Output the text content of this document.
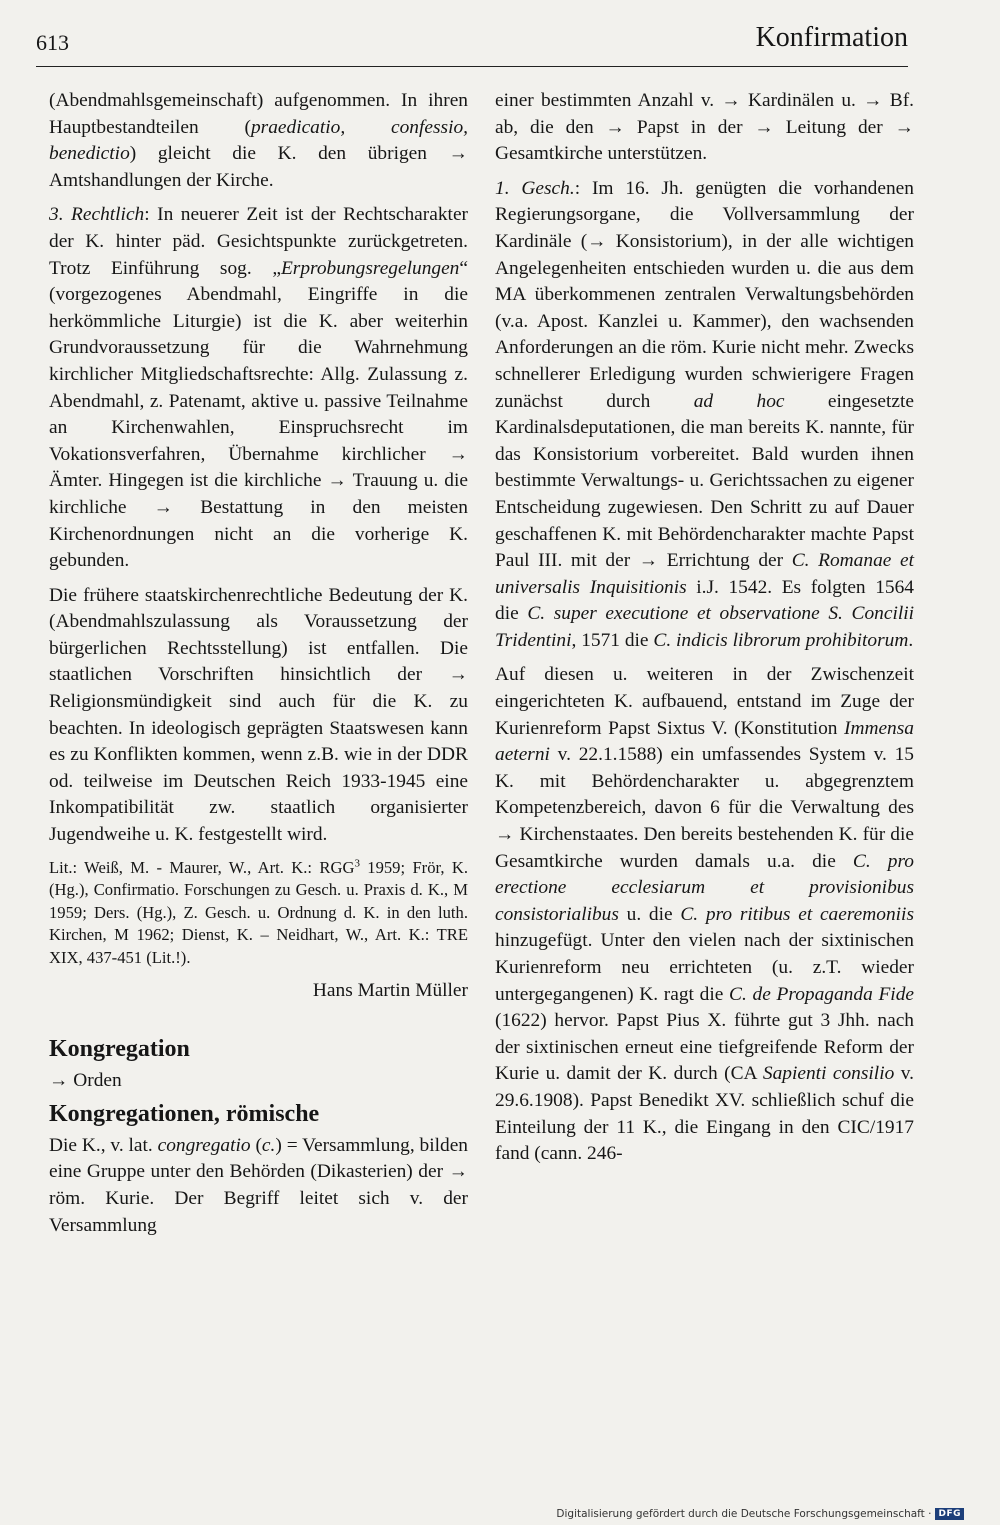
613	Konfirmation

(Abendmahlsgemeinschaft) aufgenommen. In ihren Hauptbestandteilen (praedicatio, confessio, benedictio) gleicht die K. den übrigen → Amtshandlungen der Kirche.

3. Rechtlich: In neuerer Zeit ist der Rechtscharakter der K. hinter päd. Gesichtspunkte zurückgetreten. Trotz Einführung sog. „Erprobungsregelungen“ (vorgezogenes Abendmahl, Eingriffe in die herkömmliche Liturgie) ist die K. aber weiterhin Grundvoraussetzung für die Wahrnehmung kirchlicher Mitgliedschaftsrechte: Allg. Zulassung z. Abendmahl, z. Patenamt, aktive u. passive Teilnahme an Kirchenwahlen, Einspruchsrecht im Vokationsverfahren, Übernahme kirchlicher → Ämter. Hingegen ist die kirchliche → Trauung u. die kirchliche → Bestattung in den meisten Kirchenordnungen nicht an die vorherige K. gebunden.

Die frühere staatskirchenrechtliche Bedeutung der K. (Abendmahlszulassung als Voraussetzung der bürgerlichen Rechtsstellung) ist entfallen. Die staatlichen Vorschriften hinsichtlich der → Religionsmündigkeit sind auch für die K. zu beachten. In ideologisch geprägten Staatswesen kann es zu Konflikten kommen, wenn z.B. wie in der DDR od. teilweise im Deutschen Reich 1933-1945 eine Inkompatibilität zw. staatlich organisierter Jugendweihe u. K. festgestellt wird.

Lit.: Weiß, M. - Maurer, W., Art. K.: RGG$^3$ 1959; Frör, K. (Hg.), Confirmatio. Forschungen zu Gesch. u. Praxis d. K., M 1959; Ders. (Hg.), Z. Gesch. u. Ordnung d. K. in den luth. Kirchen, M 1962; Dienst, K. – Neidhart, W., Art. K.: TRE XIX, 437-451 (Lit.!).

Hans Martin Müller
Kongregation
→ Orden
Kongregationen, römische

Die K., v. lat. congregatio (c.) = Versammlung, bilden eine Gruppe unter den Behörden (Dikasterien) der → röm. Kurie. Der Begriff leitet sich v. der Versammlung

einer bestimmten Anzahl v. → Kardinälen u. → Bf. ab, die den → Papst in der → Leitung der → Gesamtkirche unterstützen.

1. Gesch.: Im 16. Jh. genügten die vorhandenen Regierungsorgane, die Vollversammlung der Kardinäle (→ Konsistorium), in der alle wichtigen Angelegenheiten entschieden wurden u. die aus dem MA überkommenen zentralen Verwaltungsbehörden (v.a. Apost. Kanzlei u. Kammer), den wachsenden Anforderungen an die röm. Kurie nicht mehr. Zwecks schnellerer Erledigung wurden schwierigere Fragen zunächst durch ad hoc eingesetzte Kardinalsdeputationen, die man bereits K. nannte, für das Konsistorium vorbereitet. Bald wurden ihnen bestimmte Verwaltungs- u. Gerichtssachen zu eigener Entscheidung zugewiesen. Den Schritt zu auf Dauer geschaffenen K. mit Behördencharakter machte Papst Paul III. mit der → Errichtung der C. Romanae et universalis Inquisitionis i.J. 1542. Es folgten 1564 die C. super executione et observatione S. Concilii Tridentini, 1571 die C. indicis librorum prohibitorum.

Auf diesen u. weiteren in der Zwischenzeit eingerichteten K. aufbauend, entstand im Zuge der Kurienreform Papst Sixtus V. (Konstitution Immensa aeterni v. 22.1.1588) ein umfassendes System v. 15 K. mit Behördencharakter u. abgegrenztem Kompetenzbereich, davon 6 für die Verwaltung des → Kirchenstaates. Den bereits bestehenden K. für die Gesamtkirche wurden damals u.a. die C. pro erectione ecclesiarum et provisionibus consistorialibus u. die C. pro ritibus et caeremoniis hinzugefügt. Unter den vielen nach der sixtinischen Kurienreform neu errichteten (u. z.T. wieder untergegangenen) K. ragt die C. de Propaganda Fide (1622) hervor. Papst Pius X. führte gut 3 Jhh. nach der sixtinischen erneut eine tiefgreifende Reform der Kurie u. damit der K. durch (CA Sapienti consilio v. 29.6.1908). Papst Benedikt XV. schließlich schuf die Einteilung der 11 K., die Eingang in den CIC/1917 fand (cann. 246-

Digitalisierung gefördert durch die Deutsche Forschungsgemeinschaft · DFG
